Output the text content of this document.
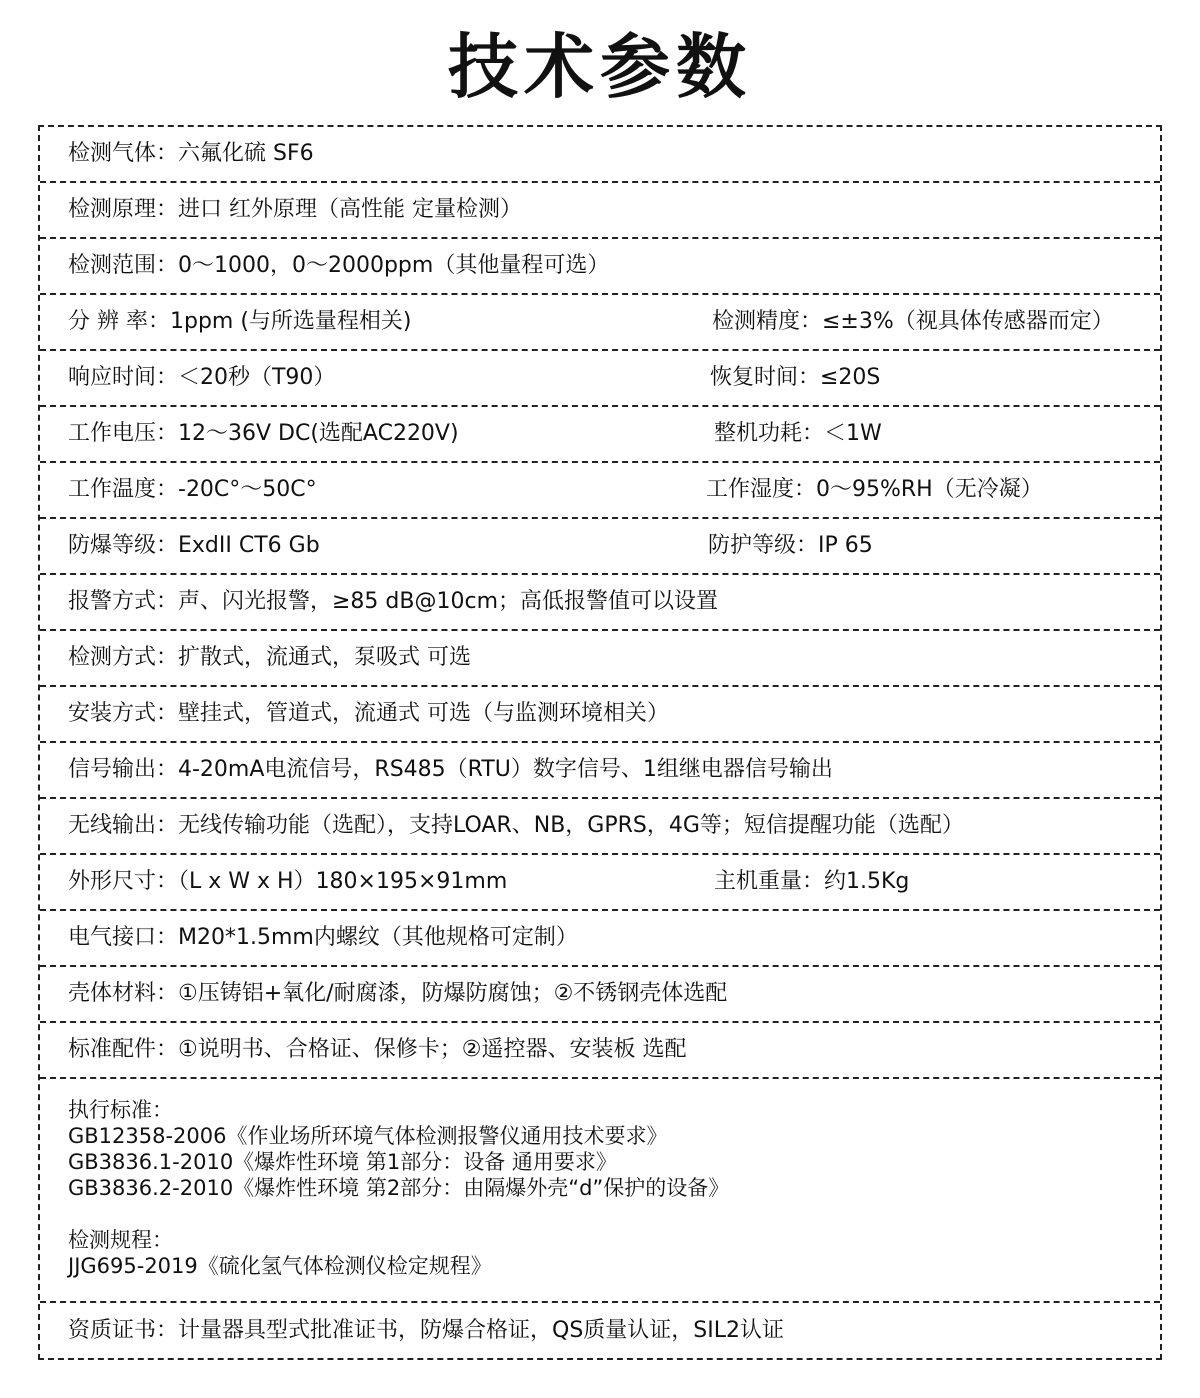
技术参数
检测气体：六氟化硫 SF6
检测原理：进口 红外原理（高性能 定量检测）
检测范围：0～1000，0～2000ppm（其他量程可选）
分 辨 率：1ppm (与所选量程相关)	检测精度：≤±3%（视具体传感器而定）
响应时间：＜20秒（T90）	恢复时间：≤20S
工作电压：12～36V DC(选配AC220V)	整机功耗：＜1W
工作温度：-20C°～50C°	工作湿度：0～95%RH（无冷凝）
防爆等级：ExdII CT6 Gb	防护等级：IP 65
报警方式：声、闪光报警，≥85 dB@10cm；高低报警值可以设置
检测方式：扩散式，流通式，泵吸式 可选
安装方式：壁挂式，管道式，流通式 可选（与监测环境相关）
信号输出：4-20mA电流信号，RS485（RTU）数字信号、1组继电器信号输出
无线输出：无线传输功能（选配），支持LOAR、NB，GPRS，4G等；短信提醒功能（选配）
外形尺寸：（L x W x H）180×195×91mm	主机重量：约1.5Kg
电气接口：M20*1.5mm内螺纹（其他规格可定制）
壳体材料：①压铸铝+氧化/耐腐漆，防爆防腐蚀；②不锈钢壳体选配
标准配件：①说明书、合格证、保修卡；②遥控器、安装板 选配
执行标准：
GB12358-2006《作业场所环境气体检测报警仪通用技术要求》
GB3836.1-2010《爆炸性环境 第1部分：设备 通用要求》
GB3836.2-2010《爆炸性环境 第2部分：由隔爆外壳“d”保护的设备》
检测规程：
JJG695-2019《硫化氢气体检测仪检定规程》
资质证书：计量器具型式批准证书，防爆合格证，QS质量认证，SIL2认证
